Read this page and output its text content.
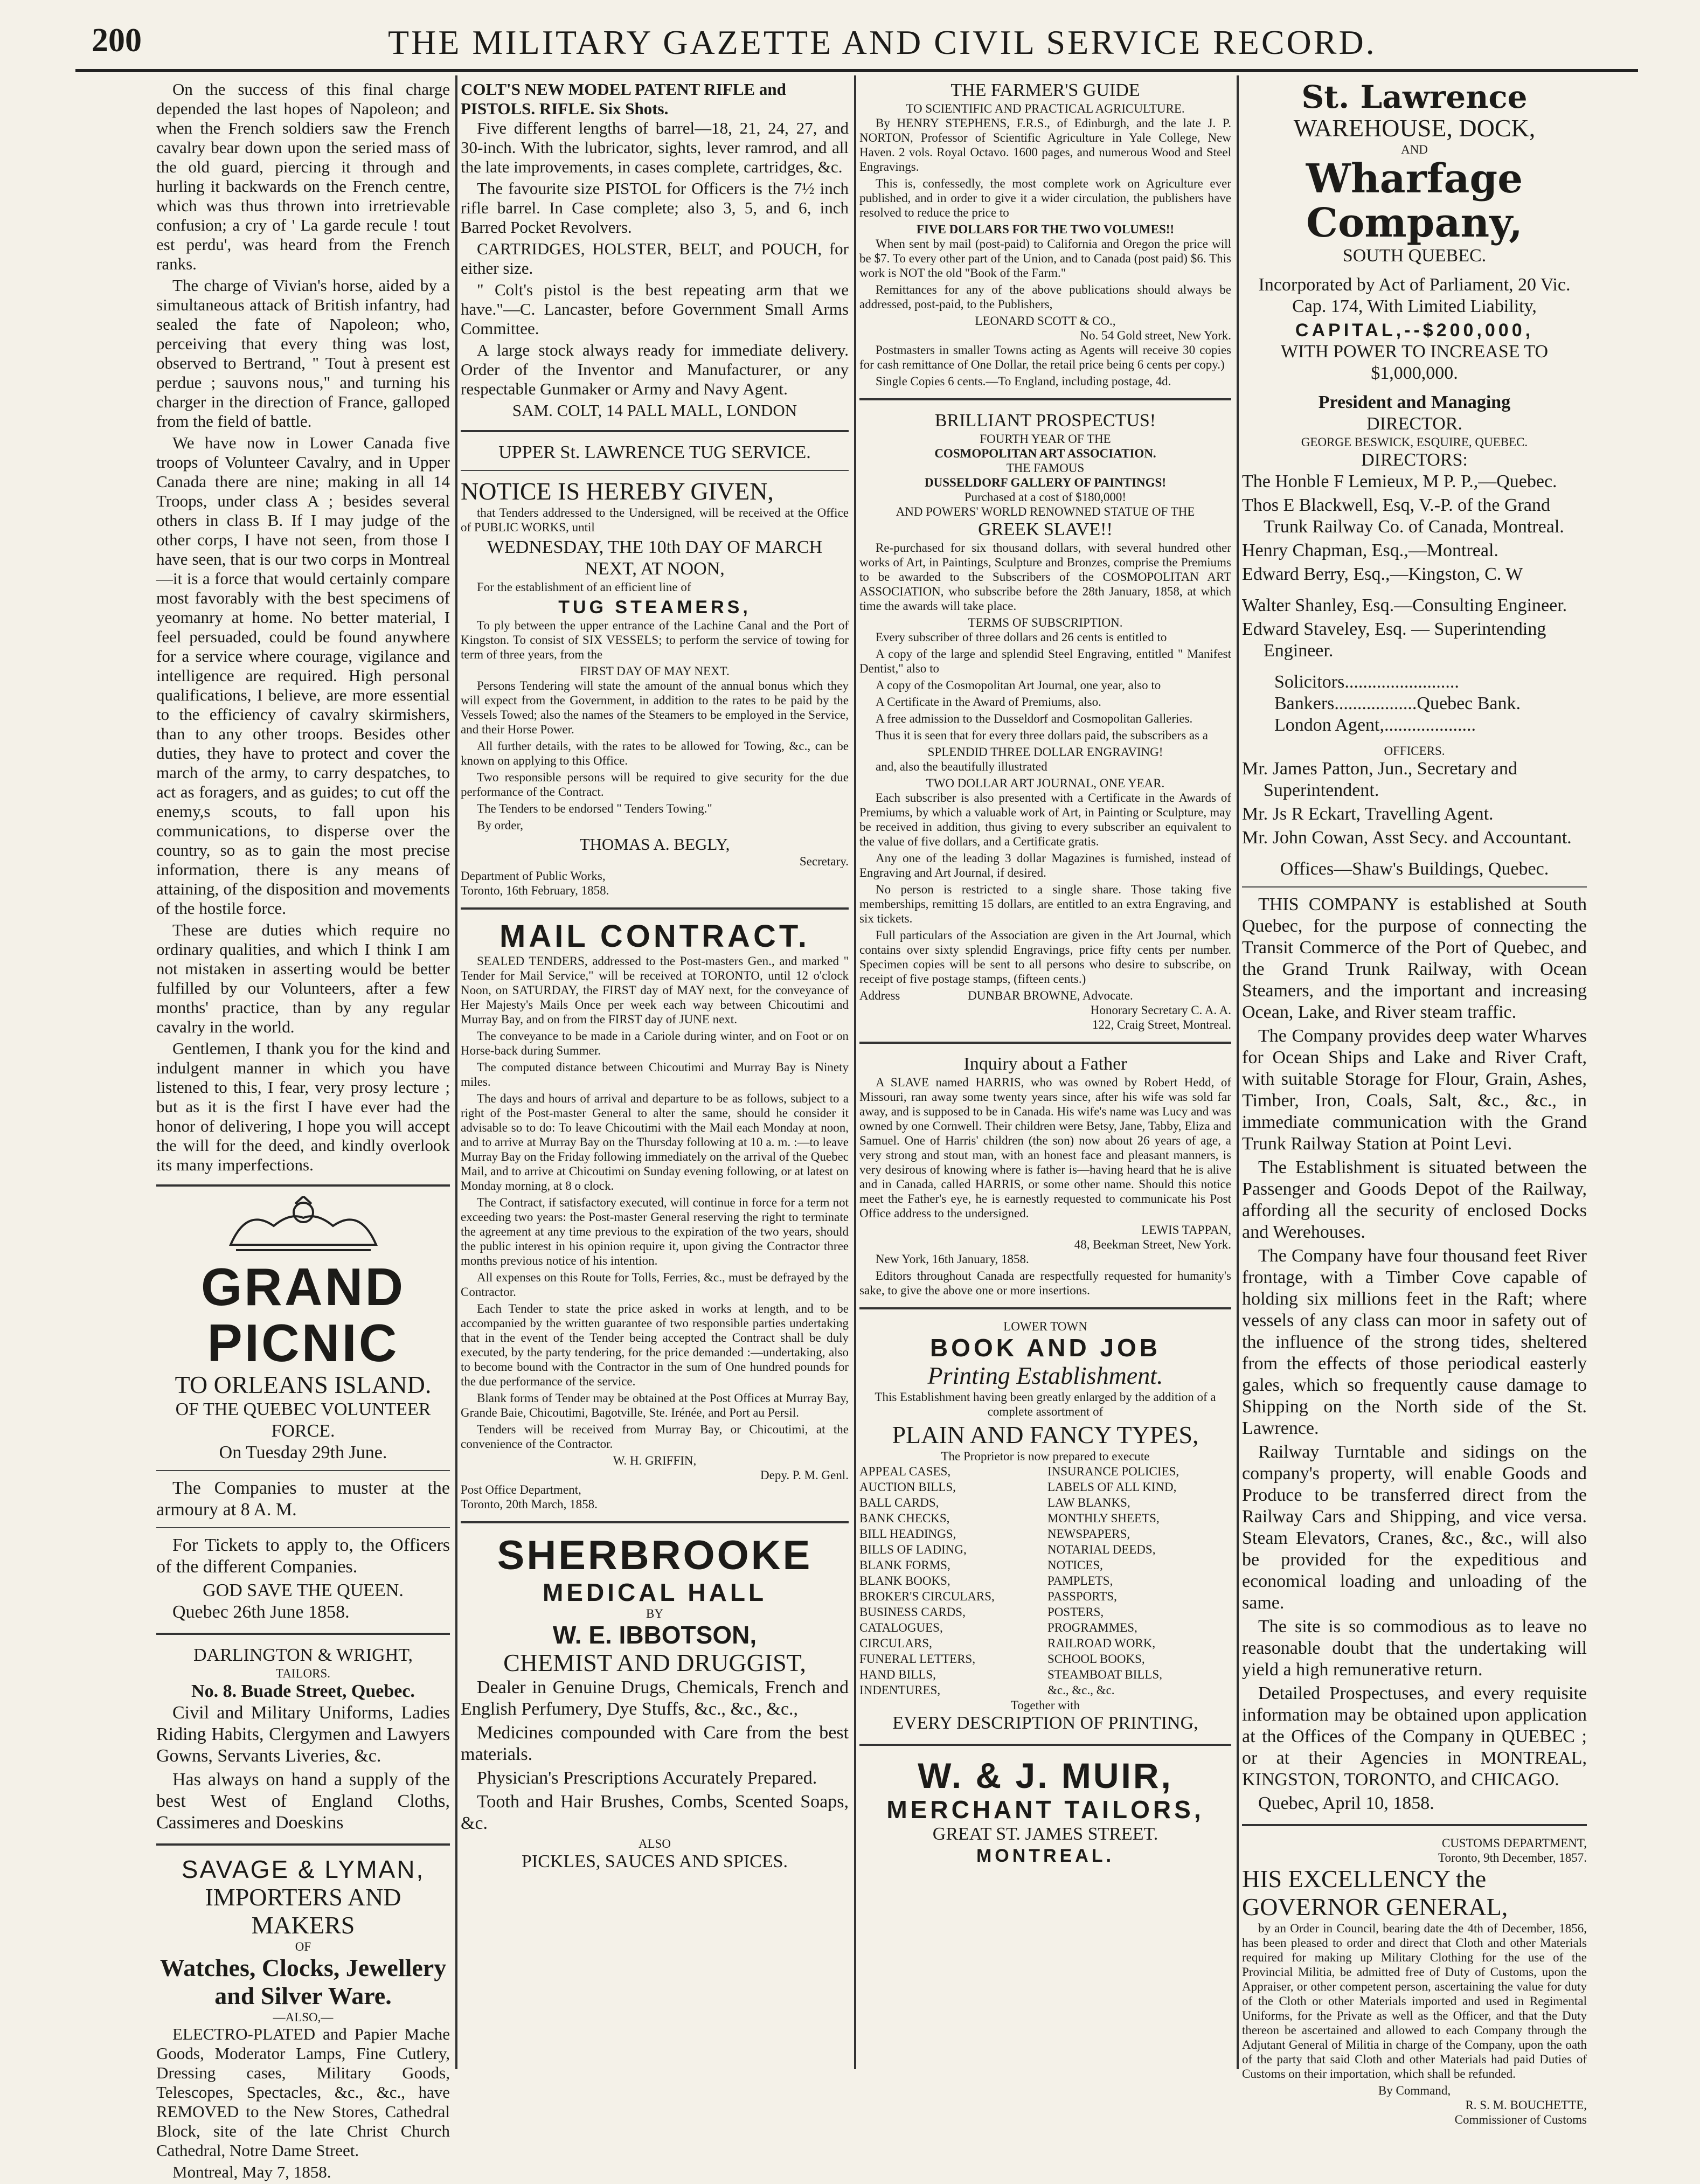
200	THE MILITARY GAZETTE AND CIVIL SERVICE RECORD.

On the success of this final charge depended the last hopes of Napoleon; and when the French soldiers saw the French cavalry bear down upon the seried mass of the old guard, piercing it through and hurling it backwards on the French centre, which was thus thrown into irretrievable confusion; a cry of ' La garde recule ! tout est perdu', was heard from the French ranks.

The charge of Vivian's horse, aided by a simultaneous attack of British infantry, had sealed the fate of Napoleon; who, perceiving that every thing was lost, observed to Bertrand, " Tout à present est perdue ; sauvons nous," and turning his charger in the direction of France, galloped from the field of battle.

We have now in Lower Canada five troops of Volunteer Cavalry, and in Upper Canada there are nine; making in all 14 Troops, under class A ; besides several others in class B. If I may judge of the other corps, I have not seen, from those I have seen, that is our two corps in Montreal—it is a force that would certainly compare most favorably with the best specimens of yeomanry at home. No better material, I feel persuaded, could be found anywhere for a service where courage, vigilance and intelligence are required. High personal qualifications, I believe, are more essential to the efficiency of cavalry skirmishers, than to any other troops. Besides other duties, they have to protect and cover the march of the army, to carry despatches, to act as foragers, and as guides; to cut off the enemy,s scouts, to fall upon his communications, to disperse over the country, so as to gain the most precise information, there is any means of attaining, of the disposition and movements of the hostile force.

These are duties which require no ordinary qualities, and which I think I am not mistaken in asserting would be better fulfilled by our Volunteers, after a few months' practice, than by any regular cavalry in the world.

Gentlemen, I thank you for the kind and indulgent manner in which you have listened to this, I fear, very prosy lecture ; but as it is the first I have ever had the honor of delivering, I hope you will accept the will for the deed, and kindly overlook its many imperfections.

GRAND PICNIC
TO ORLEANS ISLAND.
OF THE QUEBEC VOLUNTEER FORCE.
On Tuesday 29th June.

The Companies to muster at the armoury at 8 A. M.

For Tickets to apply to, the Officers of the different Companies.

GOD SAVE THE QUEEN.

Quebec 26th June 1858.

DARLINGTON & WRIGHT,
TAILORS.
No. 8. Buade Street, Quebec.

Civil and Military Uniforms, Ladies Riding Habits, Clergymen and Lawyers Gowns, Servants Liveries, &c.

Has always on hand a supply of the best West of England Cloths, Cassimeres and Doeskins

SAVAGE & LYMAN,
IMPORTERS AND MAKERS
OF
Watches, Clocks, Jewellery and Silver Ware.
—ALSO,—

ELECTRO-PLATED and Papier Mache Goods, Moderator Lamps, Fine Cutlery, Dressing cases, Military Goods, Telescopes, Spectacles, &c., &c., have REMOVED to the New Stores, Cathedral Block, site of the late Christ Church Cathedral, Notre Dame Street.

Montreal, May 7, 1858.

COLT'S NEW MODEL PATENT RIFLE and PISTOLS. RIFLE. Six Shots.

Five different lengths of barrel—18, 21, 24, 27, and 30-inch. With the lubricator, sights, lever ramrod, and all the late improvements, in cases complete, cartridges, &c.

The favourite size PISTOL for Officers is the 7½ inch rifle barrel. In Case complete; also 3, 5, and 6, inch Barred Pocket Revolvers.

CARTRIDGES, HOLSTER, BELT, and POUCH, for either size.

" Colt's pistol is the best repeating arm that we have."—C. Lancaster, before Government Small Arms Committee.

A large stock always ready for immediate delivery. Order of the Inventor and Manufacturer, or any respectable Gunmaker or Army and Navy Agent.

SAM. COLT, 14 PALL MALL, LONDON
UPPER St. LAWRENCE TUG SERVICE.
NOTICE IS HEREBY GIVEN,

that Tenders addressed to the Undersigned, will be received at the Office of PUBLIC WORKS, until

WEDNESDAY, THE 10th DAY OF MARCH NEXT, AT NOON,

For the establishment of an efficient line of

TUG STEAMERS,

To ply between the upper entrance of the Lachine Canal and the Port of Kingston. To consist of SIX VESSELS; to perform the service of towing for term of three years, from the

FIRST DAY OF MAY NEXT.

Persons Tendering will state the amount of the annual bonus which they will expect from the Government, in addition to the rates to be paid by the Vessels Towed; also the names of the Steamers to be employed in the Service, and their Horse Power.

All further details, with the rates to be allowed for Towing, &c., can be known on applying to this Office.

Two responsible persons will be required to give security for the due performance of the Contract.

The Tenders to be endorsed " Tenders Towing."

By order,

THOMAS A. BEGLY,
Secretary.
Department of Public Works,
Toronto, 16th February, 1858.
MAIL CONTRACT.

SEALED TENDERS, addressed to the Post-masters Gen., and marked " Tender for Mail Service," will be received at TORONTO, until 12 o'clock Noon, on SATURDAY, the FIRST day of MAY next, for the conveyance of Her Majesty's Mails Once per week each way between Chicoutimi and Murray Bay, and on from the FIRST day of JUNE next.

The conveyance to be made in a Cariole during winter, and on Foot or on Horse-back during Summer.

The computed distance between Chicoutimi and Murray Bay is Ninety miles.

The days and hours of arrival and departure to be as follows, subject to a right of the Post-master General to alter the same, should he consider it advisable so to do: To leave Chicoutimi with the Mail each Monday at noon, and to arrive at Murray Bay on the Thursday following at 10 a. m. :—to leave Murray Bay on the Friday following immediately on the arrival of the Quebec Mail, and to arrive at Chicoutimi on Sunday evening following, or at latest on Monday morning, at 8 o clock.

The Contract, if satisfactory executed, will continue in force for a term not exceeding two years: the Post-master General reserving the right to terminate the agreement at any time previous to the expiration of the two years, should the public interest in his opinion require it, upon giving the Contractor three months previous notice of his intention.

All expenses on this Route for Tolls, Ferries, &c., must be defrayed by the Contractor.

Each Tender to state the price asked in works at length, and to be accompanied by the written guarantee of two responsible parties undertaking that in the event of the Tender being accepted the Contract shall be duly executed, by the party tendering, for the price demanded :—undertaking, also to become bound with the Contractor in the sum of One hundred pounds for the due performance of the service.

Blank forms of Tender may be obtained at the Post Offices at Murray Bay, Grande Baie, Chicoutimi, Bagotville, Ste. Irénée, and Port au Persil.

Tenders will be received from Murray Bay, or Chicoutimi, at the convenience of the Contractor.

W. H. GRIFFIN,
Depy. P. M. Genl.
Post Office Department,
Toronto, 20th March, 1858.
SHERBROOKE
MEDICAL HALL
BY
W. E. IBBOTSON,
CHEMIST AND DRUGGIST,

Dealer in Genuine Drugs, Chemicals, French and English Perfumery, Dye Stuffs, &c., &c., &c.,

Medicines compounded with Care from the best materials.

Physician's Prescriptions Accurately Prepared.

Tooth and Hair Brushes, Combs, Scented Soaps, &c.

ALSO
PICKLES, SAUCES AND SPICES.
THE FARMER'S GUIDE
TO SCIENTIFIC AND PRACTICAL AGRICULTURE.

By HENRY STEPHENS, F.R.S., of Edinburgh, and the late J. P. NORTON, Professor of Scientific Agriculture in Yale College, New Haven. 2 vols. Royal Octavo. 1600 pages, and numerous Wood and Steel Engravings.

This is, confessedly, the most complete work on Agriculture ever published, and in order to give it a wider circulation, the publishers have resolved to reduce the price to

FIVE DOLLARS FOR THE TWO VOLUMES!!

When sent by mail (post-paid) to California and Oregon the price will be $7. To every other part of the Union, and to Canada (post paid) $6. This work is NOT the old "Book of the Farm."

Remittances for any of the above publications should always be addressed, post-paid, to the Publishers,

LEONARD SCOTT & CO.,
No. 54 Gold street, New York.

Postmasters in smaller Towns acting as Agents will receive 30 copies for cash remittance of One Dollar, the retail price being 6 cents per copy.)

Single Copies 6 cents.—To England, including postage, 4d.

BRILLIANT PROSPECTUS!
FOURTH YEAR OF THE
COSMOPOLITAN ART ASSOCIATION.
THE FAMOUS
DUSSELDORF GALLERY OF PAINTINGS!
Purchased at a cost of $180,000!
AND POWERS' WORLD RENOWNED STATUE OF THE
GREEK SLAVE!!

Re-purchased for six thousand dollars, with several hundred other works of Art, in Paintings, Sculpture and Bronzes, comprise the Premiums to be awarded to the Subscribers of the COSMOPOLITAN ART ASSOCIATION, who subscribe before the 28th January, 1858, at which time the awards will take place.

TERMS OF SUBSCRIPTION.

Every subscriber of three dollars and 26 cents is entitled to

A copy of the large and splendid Steel Engraving, entitled " Manifest Dentist," also to

A copy of the Cosmopolitan Art Journal, one year, also to

A Certificate in the Award of Premiums, also.

A free admission to the Dusseldorf and Cosmopolitan Galleries.

Thus it is seen that for every three dollars paid, the subscribers as a

SPLENDID THREE DOLLAR ENGRAVING!

and, also the beautifully illustrated

TWO DOLLAR ART JOURNAL, ONE YEAR.

Each subscriber is also presented with a Certificate in the Awards of Premiums, by which a valuable work of Art, in Painting or Sculpture, may be received in addition, thus giving to every subscriber an equivalent to the value of five dollars, and a Certificate gratis.

Any one of the leading 3 dollar Magazines is furnished, instead of Engraving and Art Journal, if desired.

No person is restricted to a single share. Those taking five memberships, remitting 15 dollars, are entitled to an extra Engraving, and six tickets.

Full particulars of the Association are given in the Art Journal, which contains over sixty splendid Engravings, price fifty cents per number. Specimen copies will be sent to all persons who desire to subscribe, on receipt of five postage stamps, (fifteen cents.)

Address	DUNBAR BROWNE, Advocate.
Honorary Secretary C. A. A.
122, Craig Street, Montreal.
Inquiry about a Father

A SLAVE named HARRIS, who was owned by Robert Hedd, of Missouri, ran away some twenty years since, after his wife was sold far away, and is supposed to be in Canada. His wife's name was Lucy and was owned by one Cornwell. Their children were Betsy, Jane, Tabby, Eliza and Samuel. One of Harris' children (the son) now about 26 years of age, a very strong and stout man, with an honest face and pleasant manners, is very desirous of knowing where is father is—having heard that he is alive and in Canada, called HARRIS, or some other name. Should this notice meet the Father's eye, he is earnestly requested to communicate his Post Office address to the undersigned.

LEWIS TAPPAN,
48, Beekman Street, New York.

New York, 16th January, 1858.

Editors throughout Canada are respectfully requested for humanity's sake, to give the above one or more insertions.

LOWER TOWN
BOOK AND JOB
Printing Establishment.

This Establishment having been greatly enlarged by the addition of a complete assortment of

PLAIN AND FANCY TYPES,
The Proprietor is now prepared to execute
APPEAL CASES,
AUCTION BILLS,
BALL CARDS,
BANK CHECKS,
BILL HEADINGS,
BILLS OF LADING,
BLANK FORMS,
BLANK BOOKS,
BROKER'S CIRCULARS,
BUSINESS CARDS,
CATALOGUES,
CIRCULARS,
FUNERAL LETTERS,
HAND BILLS,
INDENTURES,
INSURANCE POLICIES,
LABELS OF ALL KIND,
LAW BLANKS,
MONTHLY SHEETS,
NEWSPAPERS,
NOTARIAL DEEDS,
NOTICES,
PAMPLETS,
PASSPORTS,
POSTERS,
PROGRAMMES,
RAILROAD WORK,
SCHOOL BOOKS,
STEAMBOAT BILLS,
&c., &c., &c.
Together with
EVERY DESCRIPTION OF PRINTING,
W. & J. MUIR,
MERCHANT TAILORS,
GREAT ST. JAMES STREET.
MONTREAL.
St. Lawrence
WAREHOUSE, DOCK,
AND
Wharfage Company,
SOUTH QUEBEC.

Incorporated by Act of Parliament, 20 Vic. Cap. 174, With Limited Liability,

CAPITAL,--$200,000,
WITH POWER TO INCREASE TO
$1,000,000.
President and Managing
DIRECTOR.
GEORGE BESWICK, ESQUIRE, QUEBEC.
DIRECTORS:

The Honble F Lemieux, M P. P.,—Quebec.

Thos E Blackwell, Esq, V.-P. of the Grand Trunk Railway Co. of Canada, Montreal.

Henry Chapman, Esq.,—Montreal.

Edward Berry, Esq.,—Kingston, C. W

Walter Shanley, Esq.—Consulting Engineer.

Edward Staveley, Esq. — Superintending Engineer.

Solicitors.........................
Bankers..................Quebec Bank.
London Agent,....................
OFFICERS.

Mr. James Patton, Jun., Secretary and Superintendent.

Mr. Js R Eckart, Travelling Agent.

Mr. John Cowan, Asst Secy. and Accountant.

Offices—Shaw's Buildings, Quebec.

THIS COMPANY is established at South Quebec, for the purpose of connecting the Transit Commerce of the Port of Quebec, and the Grand Trunk Railway, with Ocean Steamers, and the important and increasing Ocean, Lake, and River steam traffic.

The Company provides deep water Wharves for Ocean Ships and Lake and River Craft, with suitable Storage for Flour, Grain, Ashes, Timber, Iron, Coals, Salt, &c., &c., in immediate communication with the Grand Trunk Railway Station at Point Levi.

The Establishment is situated between the Passenger and Goods Depot of the Railway, affording all the security of enclosed Docks and Werehouses.

The Company have four thousand feet River frontage, with a Timber Cove capable of holding six millions feet in the Raft; where vessels of any class can moor in safety out of the influence of the strong tides, sheltered from the effects of those periodical easterly gales, which so frequently cause damage to Shipping on the North side of the St. Lawrence.

Railway Turntable and sidings on the company's property, will enable Goods and Produce to be transferred direct from the Railway Cars and Shipping, and vice versa. Steam Elevators, Cranes, &c., &c., will also be provided for the expeditious and economical loading and unloading of the same.

The site is so commodious as to leave no reasonable doubt that the undertaking will yield a high remunerative return.

Detailed Prospectuses, and every requisite information may be obtained upon application at the Offices of the Company in QUEBEC ; or at their Agencies in MONTREAL, KINGSTON, TORONTO, and CHICAGO.

Quebec, April 10, 1858.

CUSTOMS DEPARTMENT,
Toronto, 9th December, 1857.
HIS EXCELLENCY the GOVERNOR GENERAL,

by an Order in Council, bearing date the 4th of December, 1856, has been pleased to order and direct that Cloth and other Materials required for making up Military Clothing for the use of the Provincial Militia, be admitted free of Duty of Customs, upon the Appraiser, or other competent person, ascertaining the value for duty of the Cloth or other Materials imported and used in Regimental Uniforms, for the Private as well as the Officer, and that the Duty thereon be ascertained and allowed to each Company through the Adjutant General of Militia in charge of the Company, upon the oath of the party that said Cloth and other Materials had paid Duties of Customs on their importation, which shall be refunded.

By Command,
R. S. M. BOUCHETTE,
Commissioner of Customs
